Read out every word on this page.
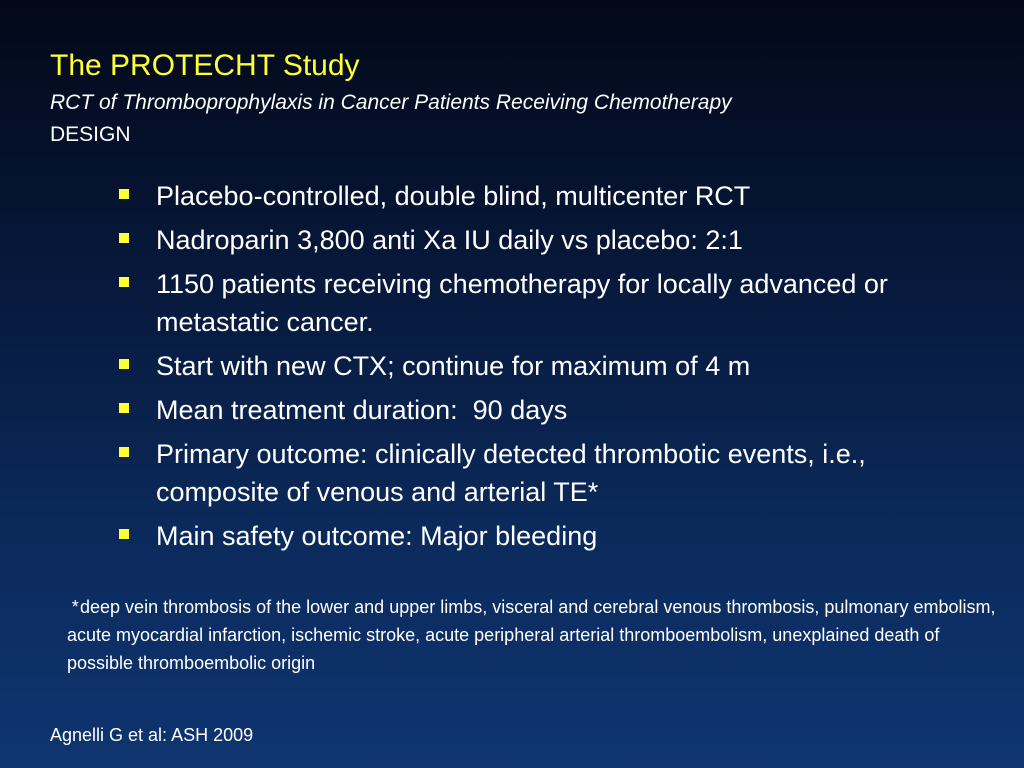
The PROTECHT Study
RCT of Thromboprophylaxis in Cancer Patients Receiving Chemotherapy
DESIGN
Placebo-controlled, double blind, multicenter RCT
Nadroparin 3,800 anti Xa IU daily vs placebo: 2:1
1150 patients receiving chemotherapy for locally advanced or metastatic cancer.
Start with new CTX; continue for maximum of 4 m
Mean treatment duration:  90 days
Primary outcome: clinically detected thrombotic events, i.e., composite of venous and arterial TE*
Main safety outcome: Major bleeding
* deep vein thrombosis of the lower and upper limbs, visceral and cerebral venous thrombosis, pulmonary embolism, acute myocardial infarction, ischemic stroke, acute peripheral arterial thromboembolism, unexplained death of possible thromboembolic origin
Agnelli G et al: ASH 2009
